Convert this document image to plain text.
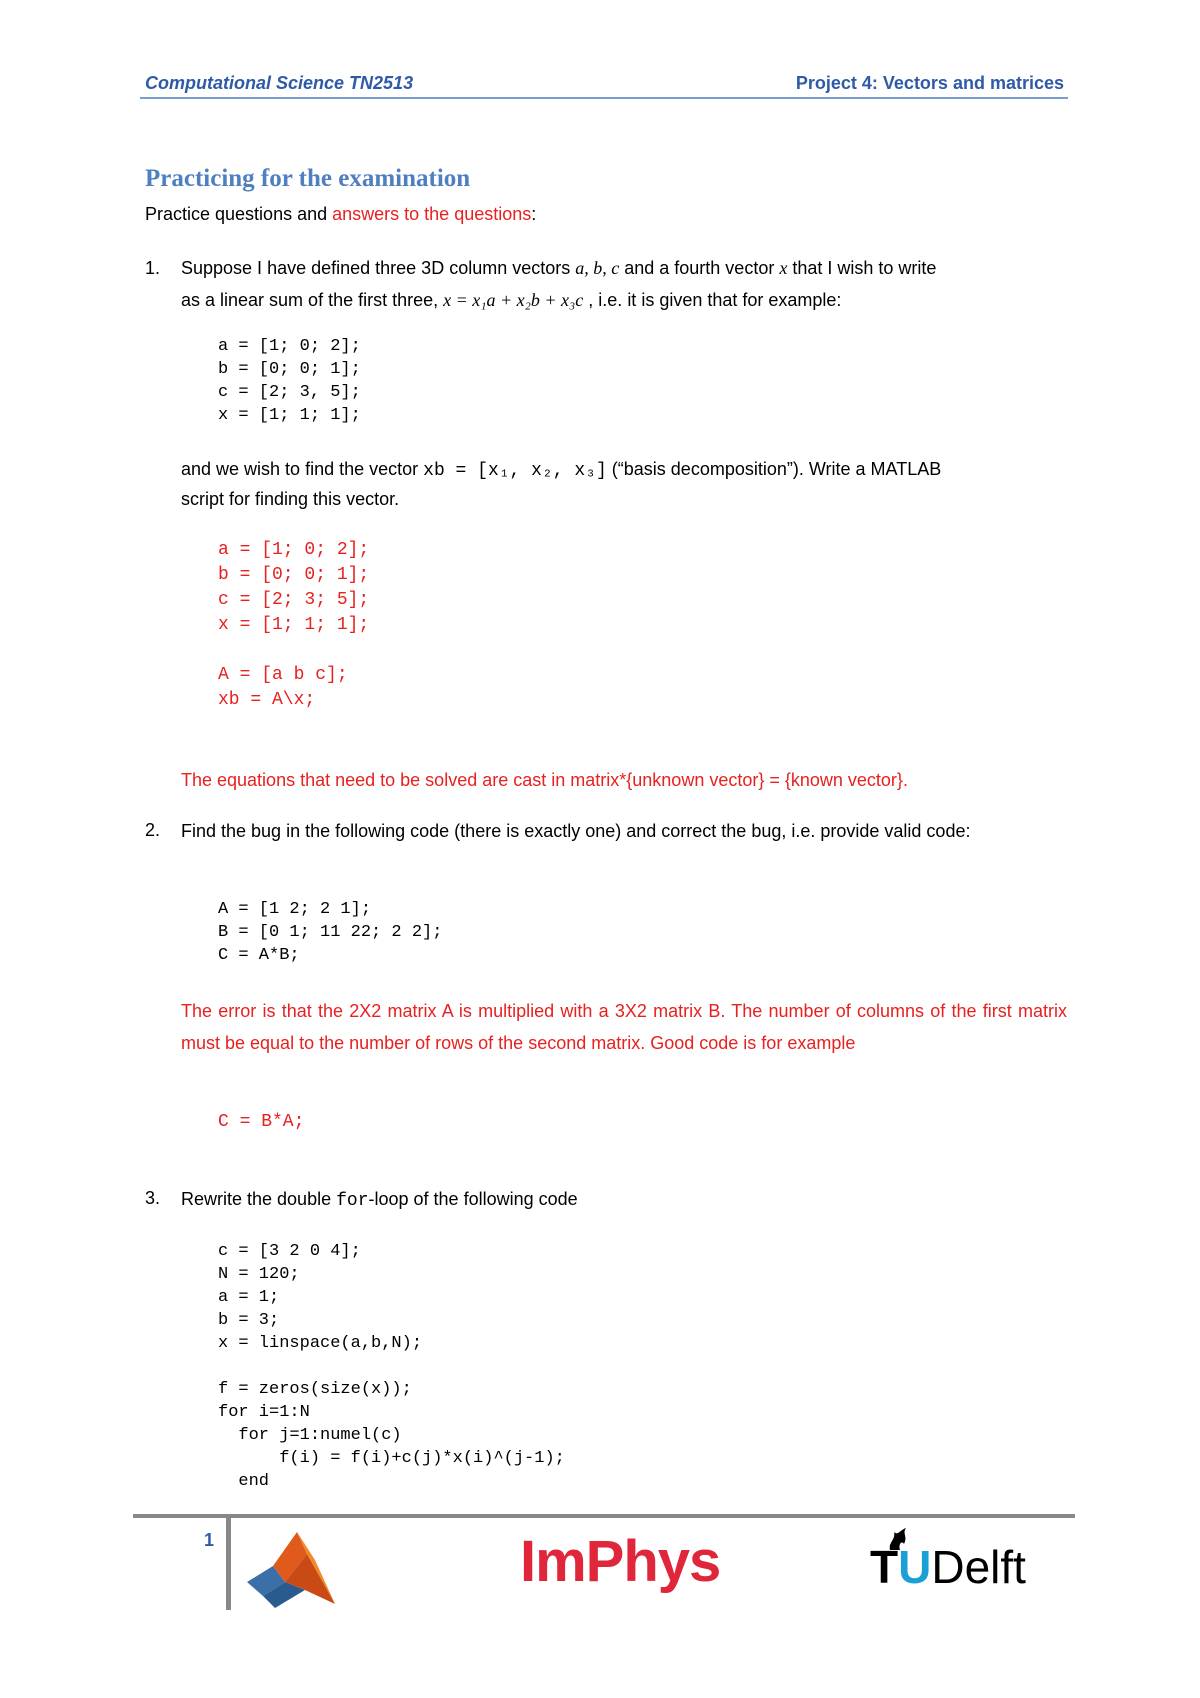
Computational Science TN2513	Project 4: Vectors and matrices
Practicing for the examination
Practice questions and answers to the questions:
1. Suppose I have defined three 3D column vectors a, b, c and a fourth vector x that I wish to write
as a linear sum of the first three, x = x₁a + x₂b + x₃c , i.e. it is given that for example:
a = [1; 0; 2];
b = [0; 0; 1];
c = [2; 3, 5];
x = [1; 1; 1];
and we wish to find the vector xb = [x₁, x₂, x₃] (“basis decomposition”). Write a MATLAB
script for finding this vector.
a = [1; 0; 2];
b = [0; 0; 1];
c = [2; 3; 5];
x = [1; 1; 1];

A = [a b c];
xb = A\x;
The equations that need to be solved are cast in matrix*{unknown vector} = {known vector}.
2. Find the bug in the following code (there is exactly one) and correct the bug, i.e. provide valid code:
A = [1 2; 2 1];
B = [0 1; 11 22; 2 2];
C = A*B;
The error is that the 2X2 matrix A is multiplied with a 3X2 matrix B. The number of columns of the first matrix must be equal to the number of rows of the second matrix. Good code is for example
C = B*A;
3. Rewrite the double for-loop of the following code
c = [3 2 0 4];
N = 120;
a = 1;
b = 3;
x = linspace(a,b,N);

f = zeros(size(x));
for i=1:N
for j=1:numel(c)
f(i) = f(i)+c(j)*x(i)^(j-1);
end
1	ImPhys	TUDelft
